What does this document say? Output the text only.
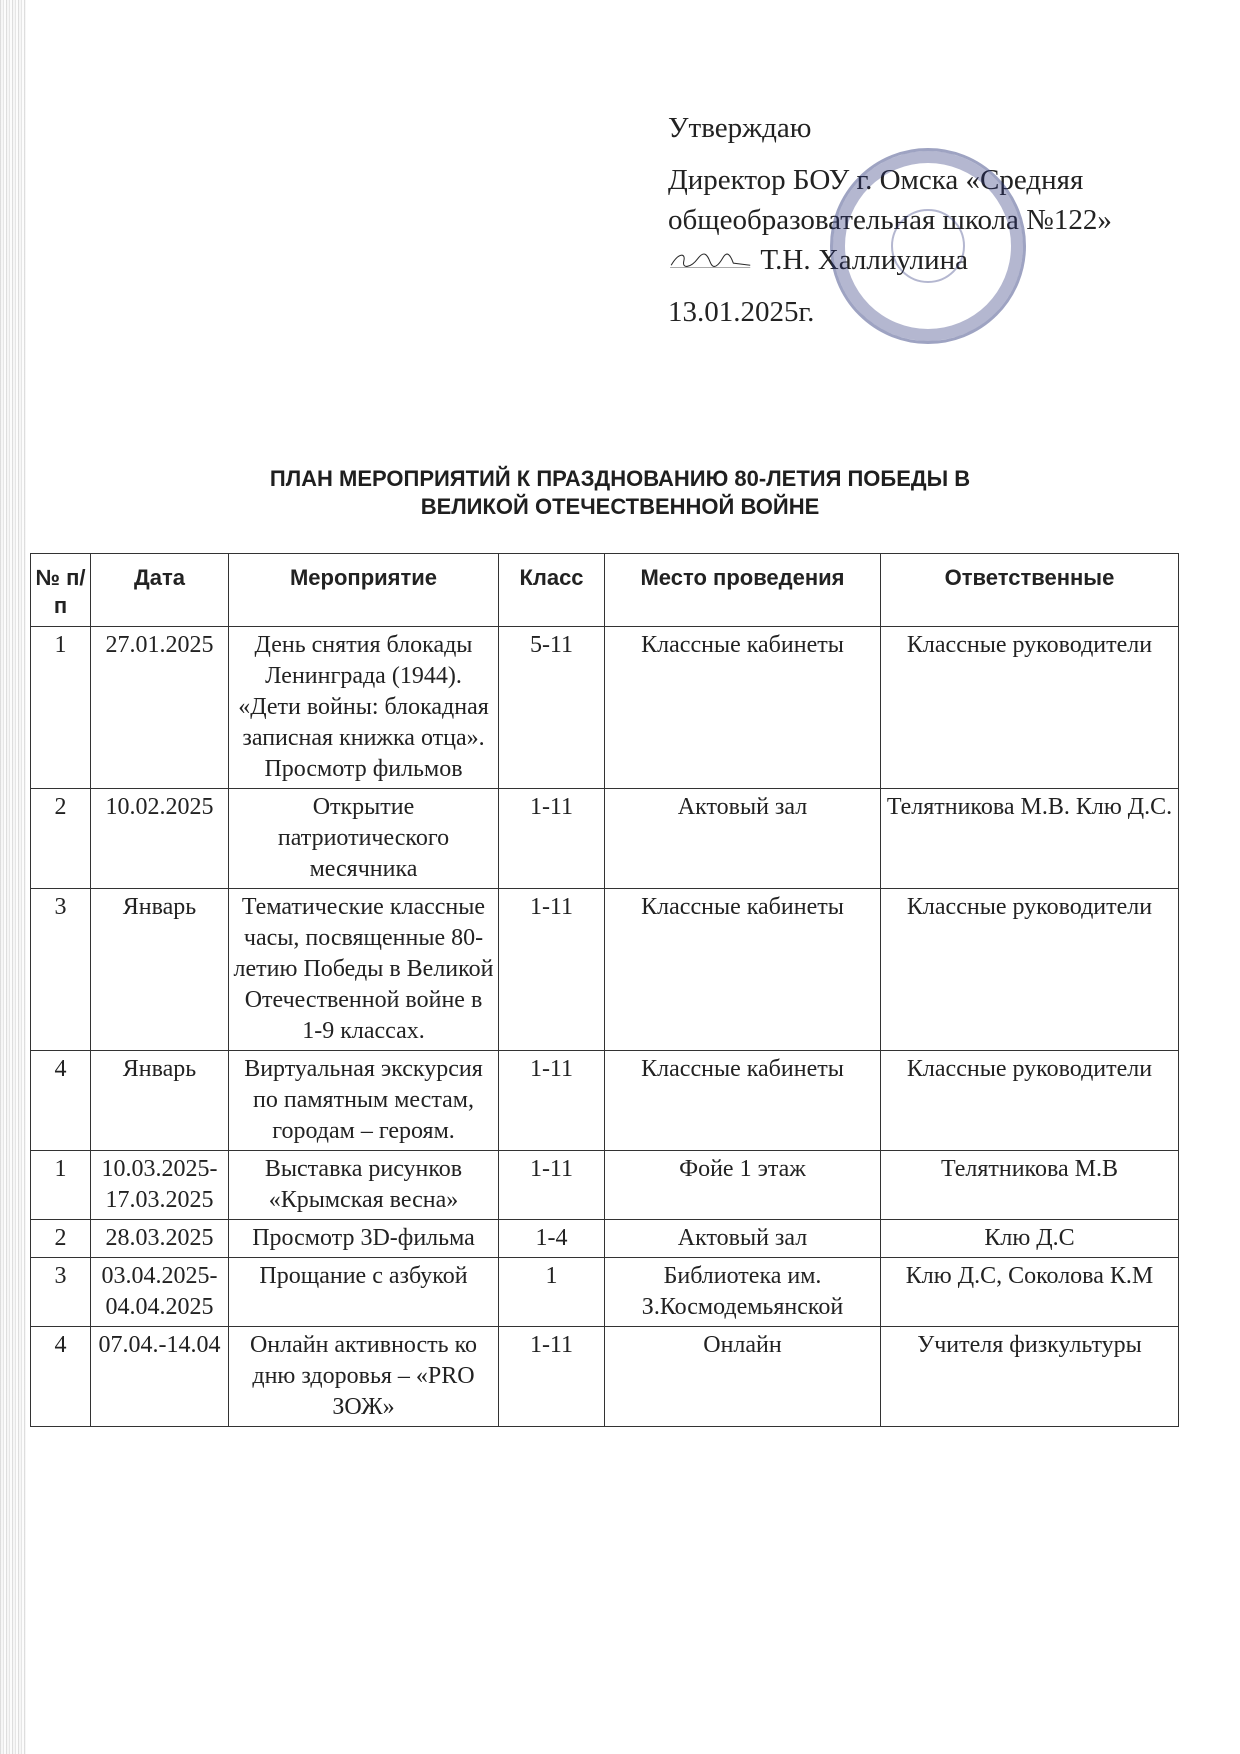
Утверждаю
Директор БОУ г. Омска «Средняя
общеобразовательная школа №122»
Т.Н. Халлиулина
13.01.2025г.
ПЛАН МЕРОПРИЯТИЙ К ПРАЗДНОВАНИЮ 80-ЛЕТИЯ ПОБЕДЫ В
ВЕЛИКОЙ ОТЕЧЕСТВЕННОЙ ВОЙНЕ
№ п/п	Дата	Мероприятие	Класс	Место проведения	Ответственные
1	27.01.2025	День снятия блокады Ленинграда (1944). «Дети войны: блокадная записная книжка отца». Просмотр фильмов	5-11	Классные кабинеты	Классные руководители
2	10.02.2025	Открытие патриотического месячника	1-11	Актовый зал	Телятникова М.В. Клю Д.С.
3	Январь	Тематические классные часы, посвященные 80-летию Победы в Великой Отечественной войне в 1-9 классах.	1-11	Классные кабинеты	Классные руководители
4	Январь	Виртуальная экскурсия по памятным местам, городам – героям.	1-11	Классные кабинеты	Классные руководители
1	10.03.2025-17.03.2025	Выставка рисунков «Крымская весна»	1-11	Фойе 1 этаж	Телятникова М.В
2	28.03.2025	Просмотр 3D-фильма	1-4	Актовый зал	Клю Д.С
3	03.04.2025-04.04.2025	Прощание с азбукой	1	Библиотека им. З.Космодемьянской	Клю Д.С, Соколова К.М
4	07.04.-14.04	Онлайн активность ко дню здоровья – «PRO ЗОЖ»	1-11	Онлайн	Учителя физкультуры
